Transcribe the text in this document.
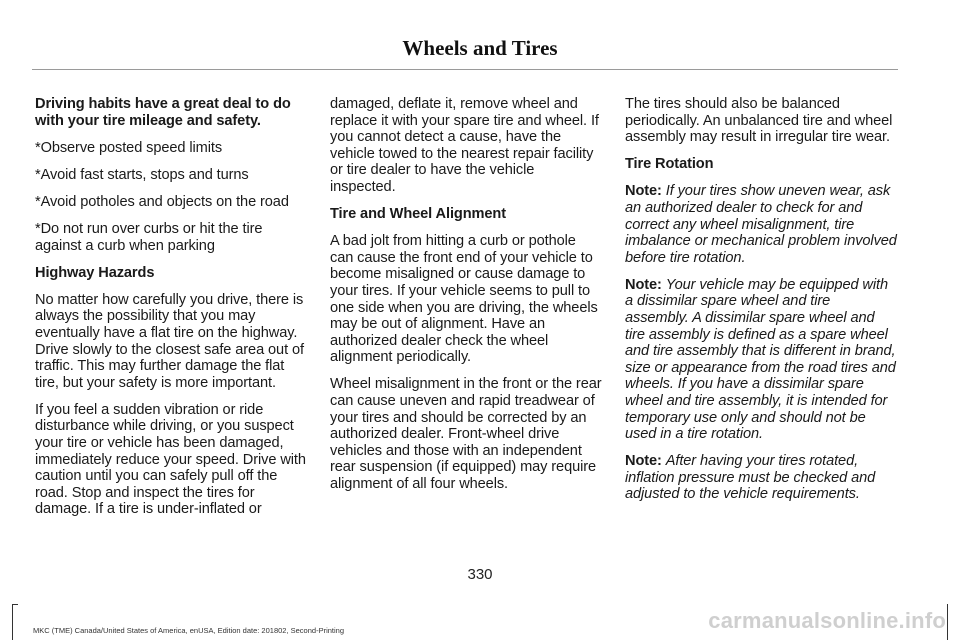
Wheels and Tires

Driving habits have a great deal to do with your tire mileage and safety.

*Observe posted speed limits

*Avoid fast starts, stops and turns

*Avoid potholes and objects on the road

*Do not run over curbs or hit the tire against a curb when parking

Highway Hazards

No matter how carefully you drive, there is always the possibility that you may eventually have a flat tire on the highway. Drive slowly to the closest safe area out of traffic. This may further damage the flat tire, but your safety is more important.

If you feel a sudden vibration or ride disturbance while driving, or you suspect your tire or vehicle has been damaged, immediately reduce your speed. Drive with caution until you can safely pull off the road. Stop and inspect the tires for damage. If a tire is under-inflated or

damaged, deflate it, remove wheel and replace it with your spare tire and wheel. If you cannot detect a cause, have the vehicle towed to the nearest repair facility or tire dealer to have the vehicle inspected.

Tire and Wheel Alignment

A bad jolt from hitting a curb or pothole can cause the front end of your vehicle to become misaligned or cause damage to your tires. If your vehicle seems to pull to one side when you are driving, the wheels may be out of alignment. Have an authorized dealer check the wheel alignment periodically.

Wheel misalignment in the front or the rear can cause uneven and rapid treadwear of your tires and should be corrected by an authorized dealer. Front-wheel drive vehicles and those with an independent rear suspension (if equipped) may require alignment of all four wheels.

The tires should also be balanced periodically. An unbalanced tire and wheel assembly may result in irregular tire wear.

Tire Rotation

Note: If your tires show uneven wear, ask an authorized dealer to check for and correct any wheel misalignment, tire imbalance or mechanical problem involved before tire rotation.

Note: Your vehicle may be equipped with a dissimilar spare wheel and tire assembly. A dissimilar spare wheel and tire assembly is defined as a spare wheel and tire assembly that is different in brand, size or appearance from the road tires and wheels. If you have a dissimilar spare wheel and tire assembly, it is intended for temporary use only and should not be used in a tire rotation.

Note: After having your tires rotated, inflation pressure must be checked and adjusted to the vehicle requirements.

330
MKC (TME) Canada/United States of America, enUSA, Edition date: 201802, Second-Printing	carmanualsonline.info
